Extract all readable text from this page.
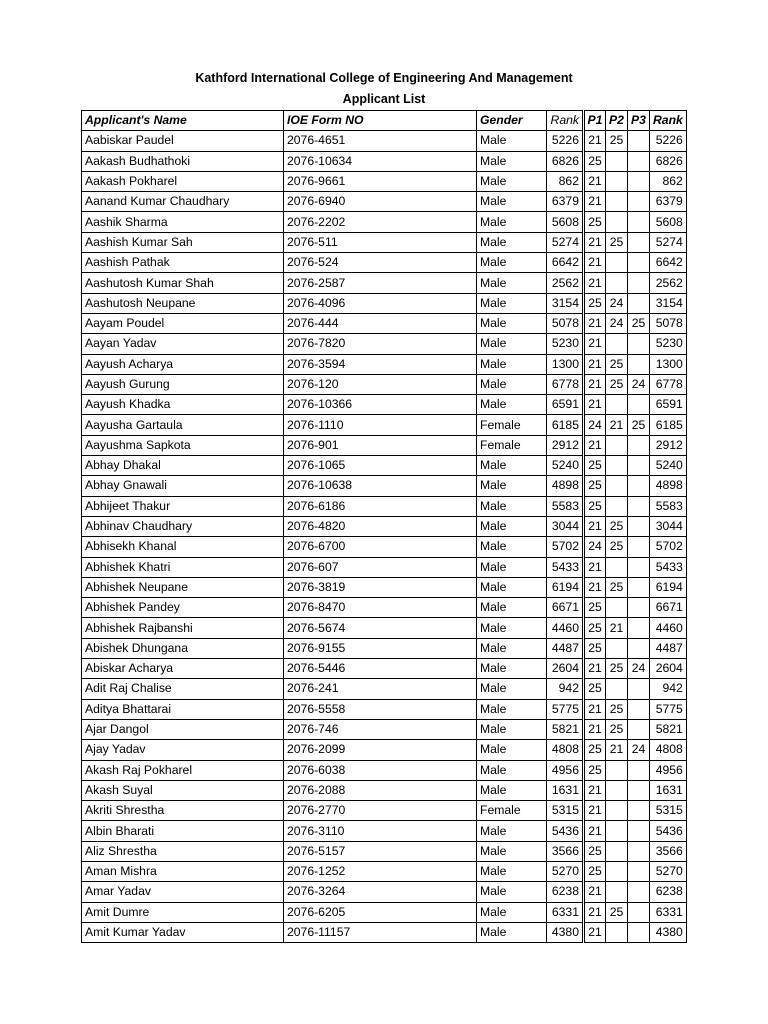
Kathford International College of Engineering And Management
Applicant List
Applicant's Name	IOE Form NO	Gender	Rank	P1	P2	P3	Rank
Aabiskar Paudel	2076-4651	Male	5226	21	25		5226
Aakash Budhathoki	2076-10634	Male	6826	25			6826
Aakash Pokharel	2076-9661	Male	862	21			862
Aanand Kumar Chaudhary	2076-6940	Male	6379	21			6379
Aashik Sharma	2076-2202	Male	5608	25			5608
Aashish Kumar Sah	2076-511	Male	5274	21	25		5274
Aashish Pathak	2076-524	Male	6642	21			6642
Aashutosh Kumar Shah	2076-2587	Male	2562	21			2562
Aashutosh Neupane	2076-4096	Male	3154	25	24		3154
Aayam Poudel	2076-444	Male	5078	21	24	25	5078
Aayan Yadav	2076-7820	Male	5230	21			5230
Aayush Acharya	2076-3594	Male	1300	21	25		1300
Aayush Gurung	2076-120	Male	6778	21	25	24	6778
Aayush Khadka	2076-10366	Male	6591	21			6591
Aayusha Gartaula	2076-1110	Female	6185	24	21	25	6185
Aayushma Sapkota	2076-901	Female	2912	21			2912
Abhay Dhakal	2076-1065	Male	5240	25			5240
Abhay Gnawali	2076-10638	Male	4898	25			4898
Abhijeet Thakur	2076-6186	Male	5583	25			5583
Abhinav Chaudhary	2076-4820	Male	3044	21	25		3044
Abhisekh Khanal	2076-6700	Male	5702	24	25		5702
Abhishek Khatri	2076-607	Male	5433	21			5433
Abhishek Neupane	2076-3819	Male	6194	21	25		6194
Abhishek Pandey	2076-8470	Male	6671	25			6671
Abhishek Rajbanshi	2076-5674	Male	4460	25	21		4460
Abishek Dhungana	2076-9155	Male	4487	25			4487
Abiskar Acharya	2076-5446	Male	2604	21	25	24	2604
Adit Raj Chalise	2076-241	Male	942	25			942
Aditya Bhattarai	2076-5558	Male	5775	21	25		5775
Ajar Dangol	2076-746	Male	5821	21	25		5821
Ajay Yadav	2076-2099	Male	4808	25	21	24	4808
Akash Raj Pokharel	2076-6038	Male	4956	25			4956
Akash Suyal	2076-2088	Male	1631	21			1631
Akriti Shrestha	2076-2770	Female	5315	21			5315
Albin Bharati	2076-3110	Male	5436	21			5436
Aliz Shrestha	2076-5157	Male	3566	25			3566
Aman Mishra	2076-1252	Male	5270	25			5270
Amar Yadav	2076-3264	Male	6238	21			6238
Amit Dumre	2076-6205	Male	6331	21	25		6331
Amit Kumar Yadav	2076-11157	Male	4380	21			4380
